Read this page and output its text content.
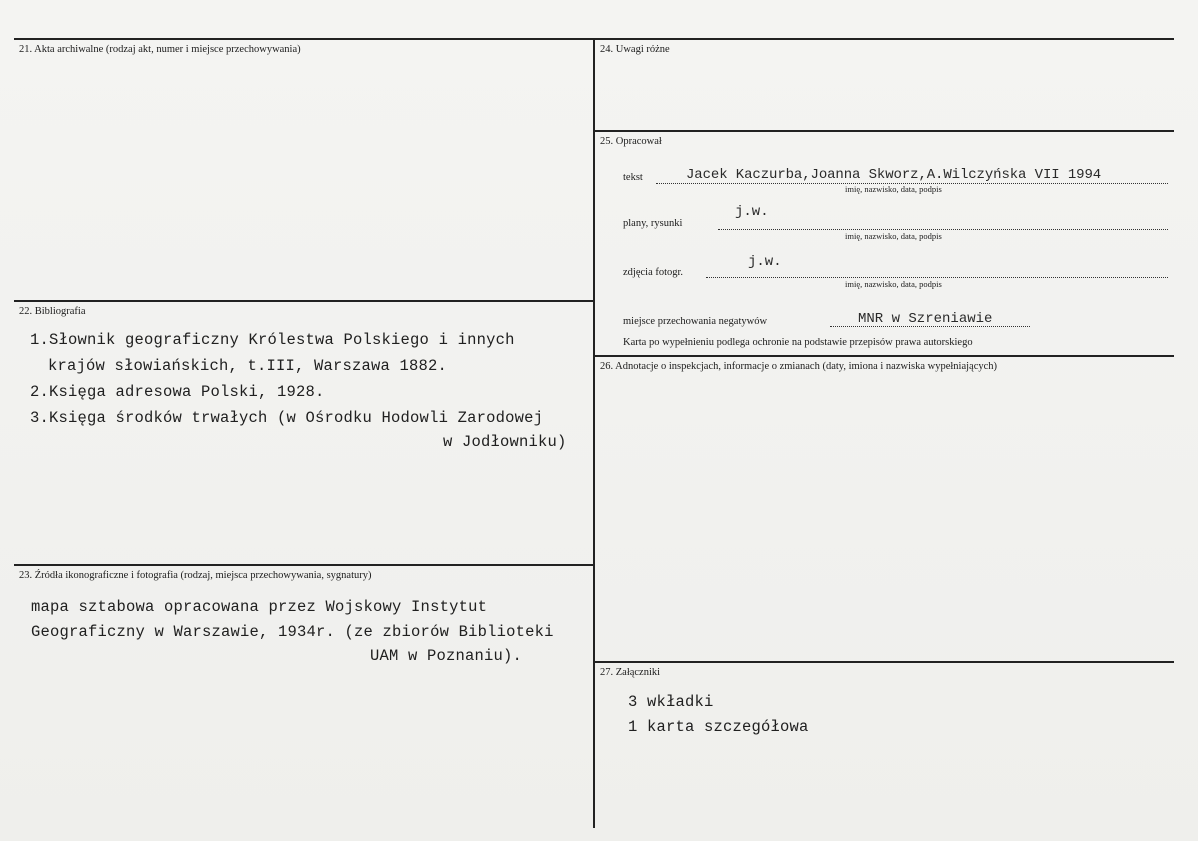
21. Akta archiwalne (rodzaj akt, numer i miejsce przechowywania)
22. Bibliografia
1.Słownik geograficzny Królestwa Polskiego i innych
krajów słowiańskich, t.III, Warszawa 1882.
2.Księga adresowa Polski, 1928.
3.Księga środków trwałych (w Ośrodku Hodowli Zarodowej
w Jodłowniku)
23. Źródła ikonograficzne i fotografia (rodzaj, miejsca przechowywania, sygnatury)
mapa sztabowa opracowana przez Wojskowy Instytut
Geograficzny w Warszawie, 1934r. (ze zbiorów Biblioteki
UAM w Poznaniu).
24. Uwagi różne
25. Opracował
tekst	Jacek Kaczurba,Joanna Skworz,A.Wilczyńska VII 1994
imię, nazwisko, data, podpis
j.w.
plany, rysunki
imię, nazwisko, data, podpis
j.w.
zdjęcia fotogr.
imię, nazwisko, data, podpis
miejsce przechowania negatywów	MNR w Szreniawie
Karta po wypełnieniu podlega ochronie na podstawie przepisów prawa autorskiego
26. Adnotacje o inspekcjach, informacje o zmianach (daty, imiona i nazwiska wypełniających)
27. Załączniki
3 wkładki
1 karta szczegółowa
